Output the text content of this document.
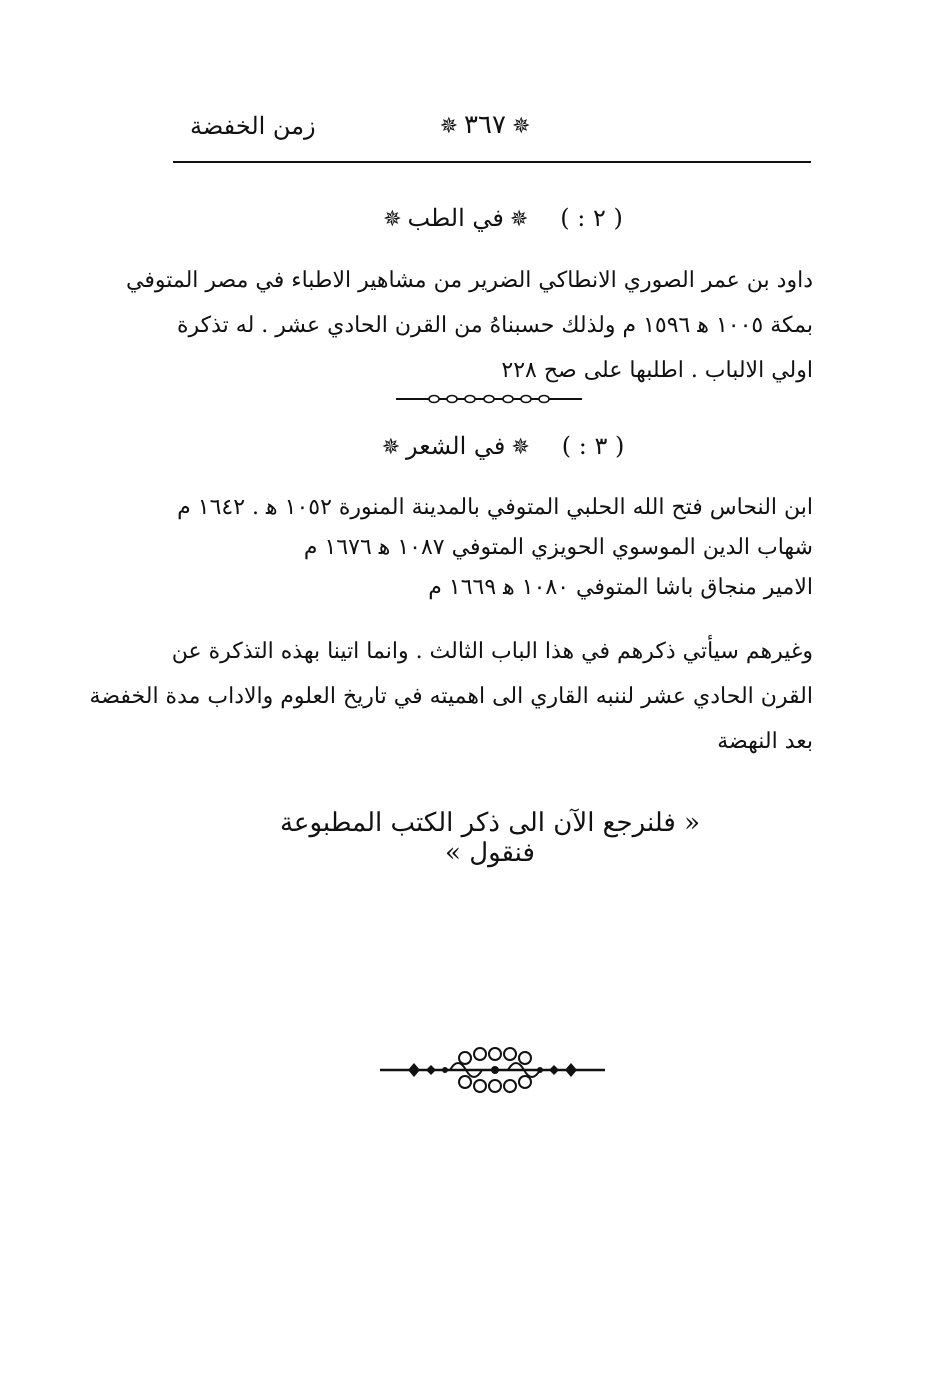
زمن الخفضة	✵٣٦٧✵
( ٢ : )✵في الطب✵
داود بن عمر الصوري الانطاكي الضرير من مشاهير الاطباء في مصر المتوفي
بمكة ١٠٠٥ ﻫ ١٥٩٦ م ولذلك حسبناهُ من القرن الحادي عشر . له تذكرة
اولي الالباب . اطلبها على صح ٢٢٨
( ٣ : )✵في الشعر✵
ابن النحاس فتح الله الحلبي المتوفي بالمدينة المنورة ١٠٥٢ ﻫ . ١٦٤٢ م
شهاب الدين الموسوي الحويزي المتوفي ١٠٨٧ ﻫ ١٦٧٦ م
الامير منجاق باشا المتوفي ١٠٨٠ ﻫ ١٦٦٩ م
وغيرهم سيأتي ذكرهم في هذا الباب الثالث . وانما اتينا بهذه التذكرة عن
القرن الحادي عشر لننبه القاري الى اهميته في تاريخ العلوم والاداب مدة الخفضة
بعد النهضة
« فلنرجع الآن الى ذكر الكتب المطبوعة فنقول »
